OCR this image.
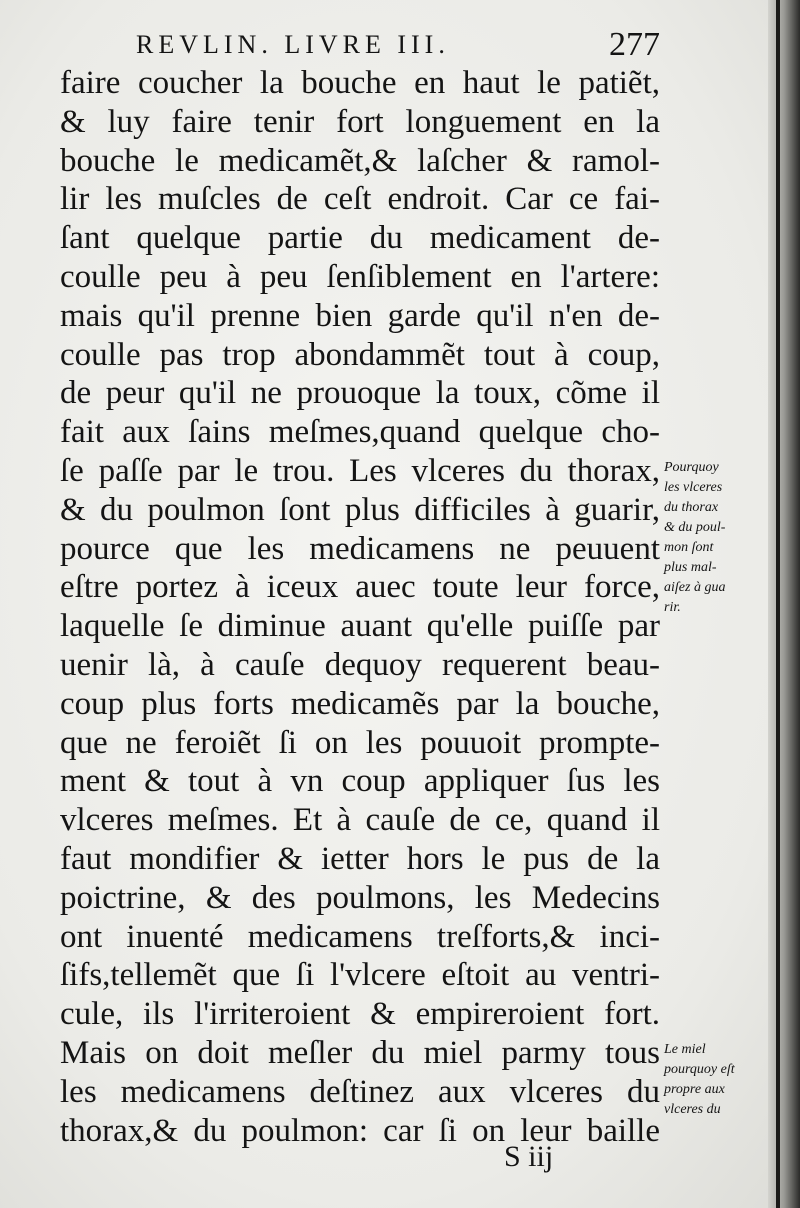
REVLIN. LIVRE III.	277
faire coucher la bouche en haut le patiẽt,
& luy faire tenir fort longuement en la
bouche le medicamẽt,& laſcher & ramol-
lir les muſcles de ceſt endroit. Car ce fai-
ſant quelque partie du medicament de-
coulle peu à peu ſenſiblement en l'artere:
mais qu'il prenne bien garde qu'il n'en de-
coulle pas trop abondammẽt tout à coup,
de peur qu'il ne prouoque la toux, cõme il
fait aux ſains meſmes,quand quelque cho-
ſe paſſe par le trou. Les vlceres du thorax,
& du poulmon ſont plus difficiles à guarir,
pource que les medicamens ne peuuent
eſtre portez à iceux auec toute leur force,
laquelle ſe diminue auant qu'elle puiſſe par
uenir là, à cauſe dequoy requerent beau-
coup plus forts medicamẽs par la bouche,
que ne feroiẽt ſi on les pouuoit prompte-
ment & tout à vn coup appliquer ſus les
vlceres meſmes. Et à cauſe de ce, quand il
faut mondifier & ietter hors le pus de la
poictrine, & des poulmons, les Medecins
ont inuenté medicamens treſforts,& inci-
ſifs,tellemẽt que ſi l'vlcere eſtoit au ventri-
cule, ils l'irriteroient & empireroient fort.
Mais on doit meſler du miel parmy tous
les medicamens deſtinez aux vlceres du
thorax,& du poulmon: car ſi on leur baille
Pourquoy
les vlceres
du thorax
& du poul-
mon ſont
plus mal-
aiſez à gua
rir.
Le miel
pourquoy eſt
propre aux
vlceres du
S iij
